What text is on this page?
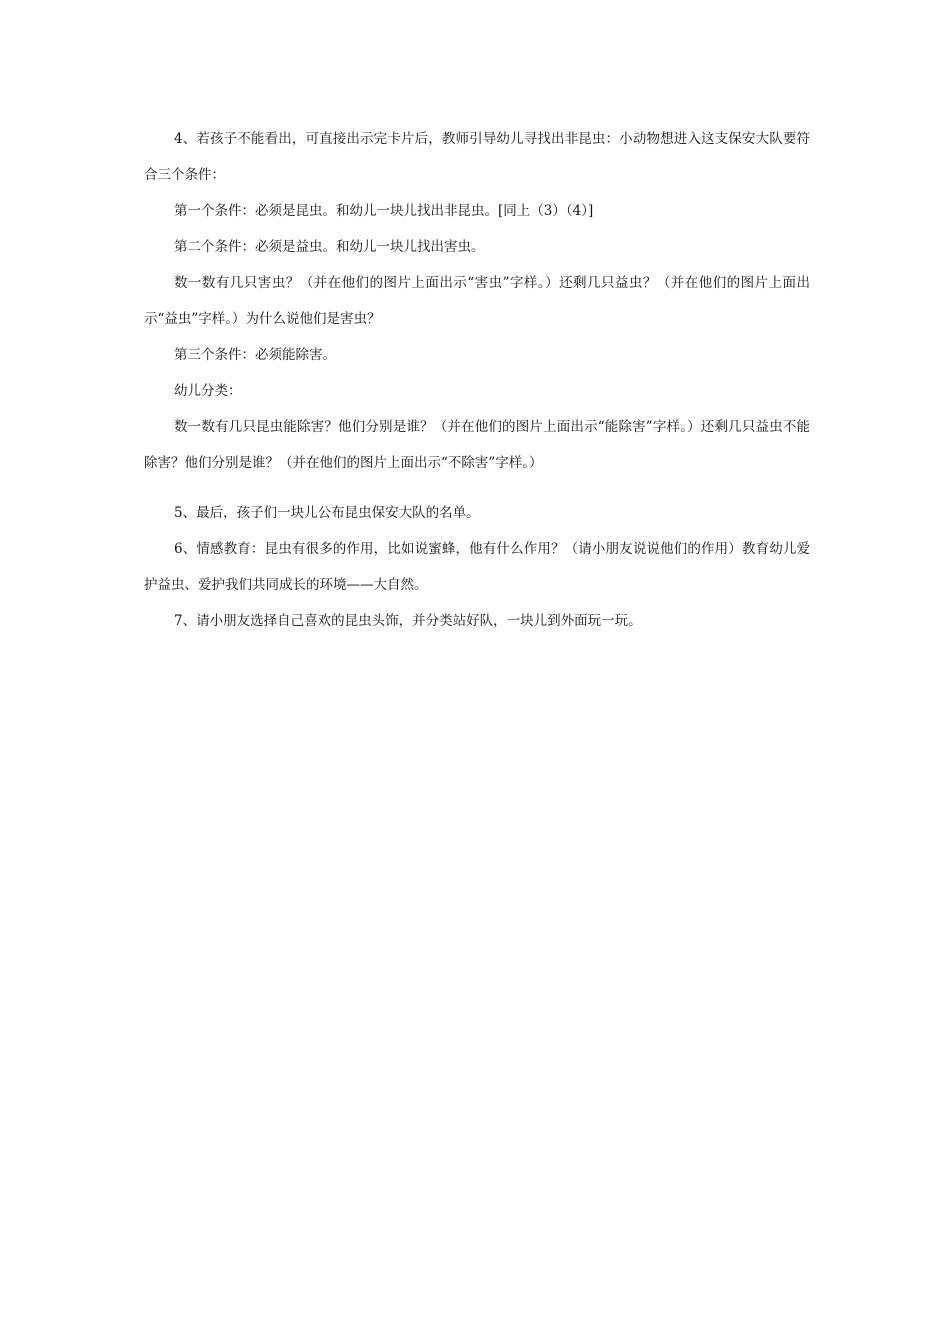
4、若孩子不能看出，可直接出示完卡片后，教师引导幼儿寻找出非昆虫：小动物想进入这支保安大队要符合三个条件：

第一个条件：必须是昆虫。和幼儿一块儿找出非昆虫。[同上（3）（4）]

第二个条件：必须是益虫。和幼儿一块儿找出害虫。

数一数有几只害虫？（并在他们的图片上面出示“害虫”字样。）还剩几只益虫？（并在他们的图片上面出示“益虫”字样。）为什么说他们是害虫？

第三个条件：必须能除害。

幼儿分类：

数一数有几只昆虫能除害？他们分别是谁？（并在他们的图片上面出示“能除害”字样。）还剩几只益虫不能除害？他们分别是谁？（并在他们的图片上面出示“不除害”字样。）

5、最后，孩子们一块儿公布昆虫保安大队的名单。

6、情感教育：昆虫有很多的作用，比如说蜜蜂，他有什么作用？（请小朋友说说他们的作用）教育幼儿爱护益虫、爱护我们共同成长的环境——大自然。

7、请小朋友选择自己喜欢的昆虫头饰，并分类站好队，一块儿到外面玩一玩。
